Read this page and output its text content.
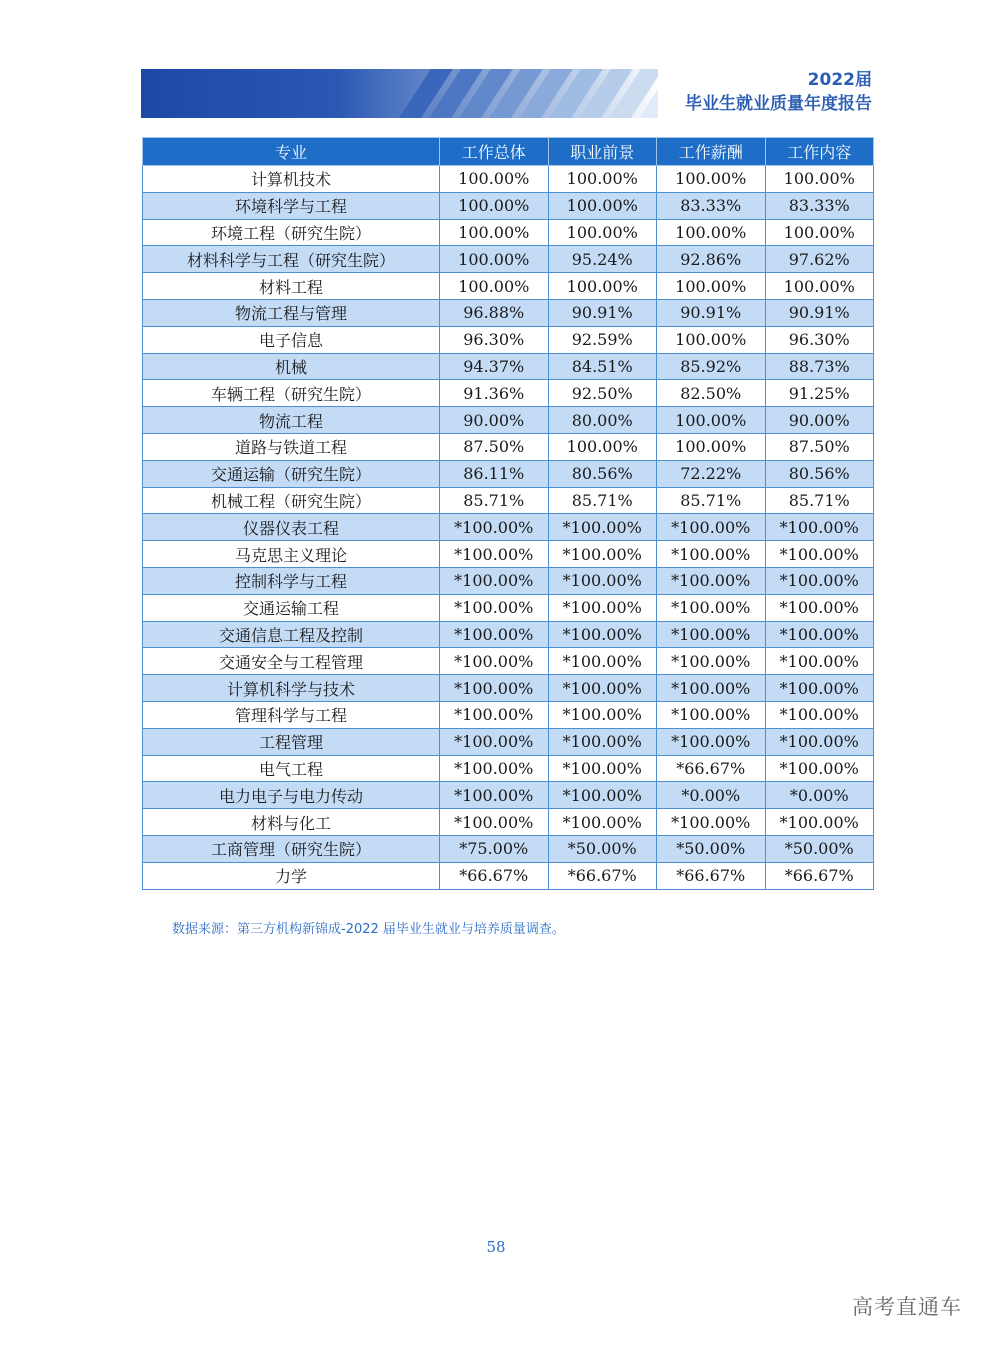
2022届
毕业生就业质量年度报告
专业	工作总体	职业前景	工作薪酬	工作内容
计算机技术	100.00%	100.00%	100.00%	100.00%
环境科学与工程	100.00%	100.00%	83.33%	83.33%
环境工程（研究生院）	100.00%	100.00%	100.00%	100.00%
材料科学与工程（研究生院）	100.00%	95.24%	92.86%	97.62%
材料工程	100.00%	100.00%	100.00%	100.00%
物流工程与管理	96.88%	90.91%	90.91%	90.91%
电子信息	96.30%	92.59%	100.00%	96.30%
机械	94.37%	84.51%	85.92%	88.73%
车辆工程（研究生院）	91.36%	92.50%	82.50%	91.25%
物流工程	90.00%	80.00%	100.00%	90.00%
道路与铁道工程	87.50%	100.00%	100.00%	87.50%
交通运输（研究生院）	86.11%	80.56%	72.22%	80.56%
机械工程（研究生院）	85.71%	85.71%	85.71%	85.71%
仪器仪表工程	*100.00%	*100.00%	*100.00%	*100.00%
马克思主义理论	*100.00%	*100.00%	*100.00%	*100.00%
控制科学与工程	*100.00%	*100.00%	*100.00%	*100.00%
交通运输工程	*100.00%	*100.00%	*100.00%	*100.00%
交通信息工程及控制	*100.00%	*100.00%	*100.00%	*100.00%
交通安全与工程管理	*100.00%	*100.00%	*100.00%	*100.00%
计算机科学与技术	*100.00%	*100.00%	*100.00%	*100.00%
管理科学与工程	*100.00%	*100.00%	*100.00%	*100.00%
工程管理	*100.00%	*100.00%	*100.00%	*100.00%
电气工程	*100.00%	*100.00%	*66.67%	*100.00%
电力电子与电力传动	*100.00%	*100.00%	*0.00%	*0.00%
材料与化工	*100.00%	*100.00%	*100.00%	*100.00%
工商管理（研究生院）	*75.00%	*50.00%	*50.00%	*50.00%
力学	*66.67%	*66.67%	*66.67%	*66.67%
数据来源：第三方机构新锦成-2022 届毕业生就业与培养质量调查。
58
高考直通车
